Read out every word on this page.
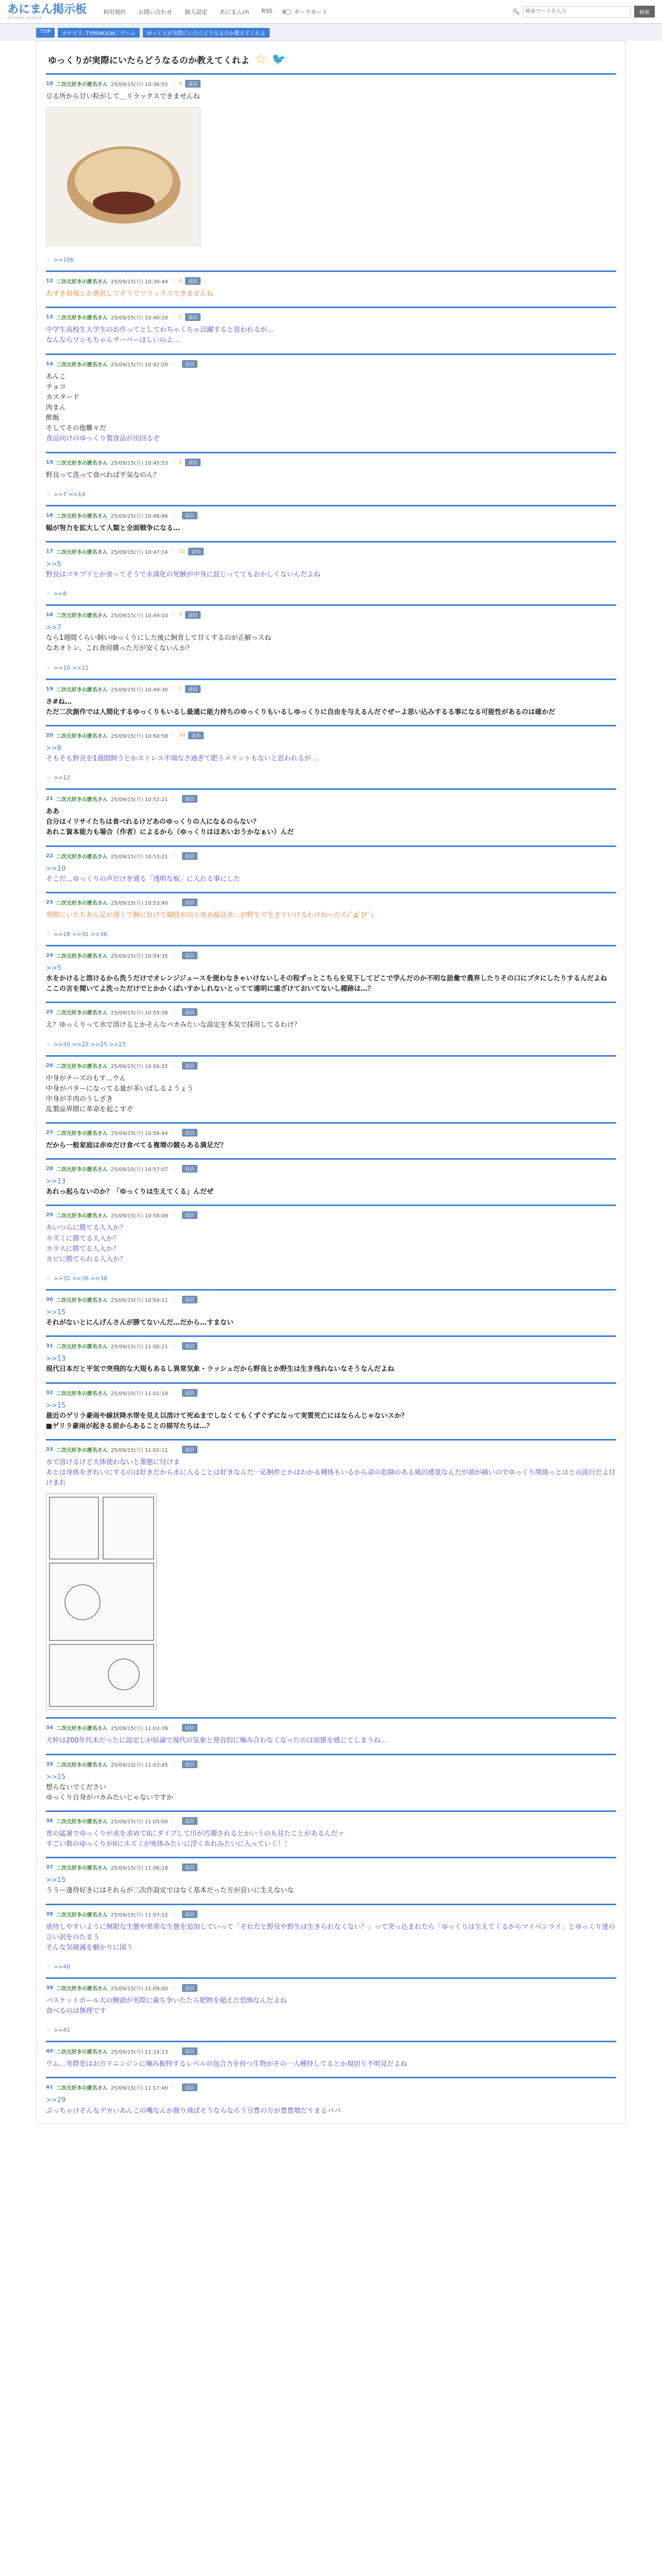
あにまん掲示板
animan board
利用規約 お問い合わせ 個人設定 あにまんch RSS	ダークモード	🔍
検索ワードを入力	検索
TOP	カテゴリ: TYPEMOON／ゲーム	ゆっくりが実際にいたらどうなるのか教えてくれよ
ゆっくりが実際にいたらどうなるのか教えてくれよ ☆ 🐦
10 二次元好きの匿名さん 25/09/15(月) 10:36:55 ♡ 4	返信
豆る所から甘い粒がして＿リラックスできませんね
☝ >>106
12 二次元好きの匿名さん 25/09/15(月) 10:39:44 ♡ 4	返信
あずき祖場とか著甚してそうでリラックスできませんね
13 二次元好きの匿名さん 25/09/15(月) 10:40:20 ♡ 2	返信
中学生高校生大学生のお作ってとしてわちゃくちゃ活躍すると思われるが…
なんならワシもちゃんサーバーほしいのよ…
14 二次元好きの匿名さん 25/09/15(月) 10:42:20 ♡	返信
あんこ
チョコ
カスタード
肉まん
酢飯
そしてその他難々だ
食品向けのゆっくり製食品が出回るぞ
15 二次元好きの匿名さん 25/09/15(月) 10:45:53 ♡ 1	返信
野良って洗って食べれば平気なのん？
☝ >>7 >>14
16 二次元好きの匿名さん 25/09/15(月) 10:46:46 ♡	返信
幅が努力を拡大して人類と全面戦争になる…
17 二次元好きの匿名さん 25/09/15(月) 10:47:14 ♡ 12	返信
>>5
野良はゴキブリとか食ってそうで未満化の死骸が中身に混じっててもおかしくないんだよね
☝ >>8
18 二次元好きの匿名さん 25/09/15(月) 10:49:10 ♡ 3	返信
>>7
なら1週間くらい飼いゆっくりにした後に飼育して甘くするのが正解っスね
なあオトン、これ食用購った方が安くないんか？
☝ >>10 >>11
19 二次元好きの匿名さん 25/09/15(月) 10:49:30 ♡ 1	返信
さ#ね…
ただ二次創作では人間化するゆっくりもいるし最適に能力持ちのゆっくりもいるしゆっくりに自由を与えるんだぐぜーよ思い込みするる事になる可能性があるのは確かだ
20 二次元好きの匿名さん 25/09/15(月) 10:50:58 ♡ 10	返信
>>8
そもそも野良を1週間飼うとかストレス半端なさ過ぎて肥うメリットもないと思われるが…
☝ >>12
21 二次元好きの匿名さん 25/09/15(月) 10:52:21 ♡	返信
ああ
自分はイリサイたちは食べれるけどあのゆっくりの人になるのらない？
あれこ資本能力も場合（作者）によるから（ゆっくりはほあいおうかなぁい）んだ
22 二次元好きの匿名さん 25/09/15(月) 10:53:21 ♡	返信
>>10
そこだ…ゆっくりの声だけを通る「透明な板」に入れる事にした
23 二次元好きの匿名さん 25/09/15(月) 10:53:40 ♡	返信
発際にいたちあん足が遅くて腕に負けて競技が出ら死め最良者…が野生で生きていけるわけねーだろ(ﾟдﾟ)ｸﾞｨ
☝ >>18 >>31 >>36
24 二次元好きの匿名さん 25/09/15(月) 10:54:35 ♡	返信
>>5
水をかけると溶けるから洗うだけでオレンジジュースを便わなきゃいけないしその程ずっとこちらを見下してどこで学んだのか不明な語彙で農界したりその口にブタにしたりするんだよね
ここの言を聞いてよ洗っただけでとかかくばいすかしれないとってて適明に遠ざけておいてないし棚跡は…？
25 二次元好きの匿名さん 25/09/15(月) 10:55:38 ♡	返信
え？ゆっくりって水で溶けるとかそんなバカみたいな設定を本気で採用してるわけ？
☝ >>30 >>22 >>25 >>27
26 二次元好きの匿名さん 25/09/15(月) 10:56:22 ♡	返信
中身がチーズのもす…ウん
中身がバターになってる量が多いぱしるようょう
中身が羊肉のうしざき
乱製品界隈に革命を起こすぞ
27 二次元好きの匿名さん 25/09/15(月) 10:56:44 ♡	返信
だから一般家庭は赤ゆだけ食べてる複増の競らある満足だ？
28 二次元好きの匿名さん 25/09/15(月) 10:57:07 ♡	返信
>>13
あれっ起らないのか？「ゆっくりは生えてくる」んだぜ
29 二次元好きの匿名さん 25/09/15(月) 10:58:08 ♡	返信
あいつらに勝てる人入か？
ネズミに勝てる人入か？
カラスに勝てる人入か？
カビに勝てられる人入か？
☝ >>32 >>36 >>38
30 二次元好きの匿名さん 25/09/15(月) 10:59:11 ♡	返信
>>15
それがないとにんげんさんが勝てないんだ…だから…すまない
31 二次元好きの匿名さん 25/09/15(月) 11:00:21 ♡	返信
>>13
現代日本だと平気で突飛的な大規もあるし異常気象・ラッシュだから野良とか野生は生き残れないなそうなんだよね
32 二次元好きの匿名さん 25/09/15(月) 11:01:19 ♡	返信
>>15
最近のゲリラ豪雨や線状降水帯を見え以溶けて死ぬまでしなくてもくずぐずになって実質死亡にはならんじゃないスか？
■ゲリラ豪雨が起きる前からあることの描写たちは…？
33 二次元好きの匿名さん 25/09/15(月) 11:02:11 ♡	返信
水で溶けるけど大体使わないと墨態に付けま
あとは身体をぎれいにするのは好きだから水に入ることは好きなんだ一応飼件とかはわかる種体もいるから命の危険のある風呂感覚なんだが頭が痛いのでゆっくり関係っとはとの流行だよ付けまれ
34 二次元好きの匿名さん 25/09/15(月) 11:03:39 ♡	返信
大枠は200年代末だったに設定しが結論で現代の気象と発音的に噛み合わなくなったのは前節を感じてしまうね…
35 二次元好きの匿名さん 25/09/15(月) 11:03:45 ♡	返信
>>15
想らないでください
ゆっくり自身がバカみたいじゃないですか
36 二次元好きの匿名さん 25/09/15(月) 11:05:00 ♡	返信
普の猛暑でゆっくりが水を求めてIIにダイブして川が汚濁されるとかいうのも見たことがあるんだァ
すごい数のゆっくりがIIにネズミが死体みたいに浮くあれみたいに入っていく！！
37 二次元好きの匿名さん 25/09/15(月) 11:06:18 ♡	返信
>>15
ううー逢待好きにはそれらが二次作設定ではなく基本だった方が良いに生えないな
38 二次元好きの匿名さん 25/09/15(月) 11:07:12 ♡	返信
虐待しやすいように無限な生態や異常な生態を追加していって「それだと野良や野生は生きられなくない？」って突っ込まれたら「ゆっくりは生えてくるからマイペンライ」とゆっくり達の言い訳をのたまう
そんな気破滅を解かりに図う
☝ >>40
39 二次元好きの匿名さん 25/09/15(月) 11:09:00 ♡	返信
バスケットボール大の饅頭が実際に歯ち争いたたら肥物を超えた恐怖なんだよね
食べるのは無理です
☝ >>41
40 二次元好きの匿名さん 25/09/15(月) 11:14:13 ♡	返信
ウム…実際窓はお方ドニンジンに噛み振特するレベルの包合力を持つ生物がその一人種持してるとか現切り不明見だよね
41 二次元好きの匿名さん 25/09/15(月) 11:17:40 ♡	返信
>>29
ぷっちゃけそんなデカいあんこの嘴なんか握り飛ばそうならなろう豆豊の方が豊豊増だりまるバパ
